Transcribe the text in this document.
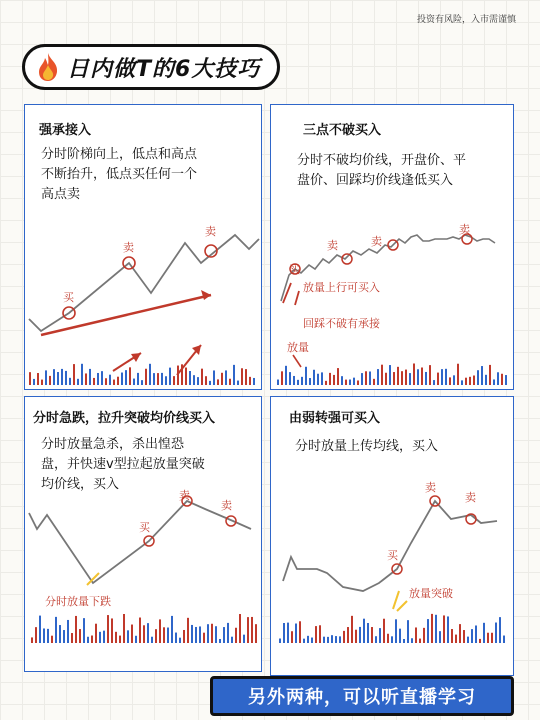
投资有风险，入市需谨慎
日内做T的6大技巧
强承接入
分时阶梯向上，低点和高点
不断抬升，低点买任何一个
高点卖
买
卖
卖
三点不破买入
分时不破均价线，开盘价、平
盘价、回踩均价线逢低买入
买
卖	卖
卖
放量上行可买入
回踩不破有承接
放量
分时急跌，拉升突破均价线买入
分时放量急杀，杀出惶恐
盘，并快速v型拉起放量突破
均价线，买入
买
卖
卖
分时放量下跌
由弱转强可买入
分时放量上传均线，买入
买
卖
卖
放量突破
另外两种，可以听直播学习
